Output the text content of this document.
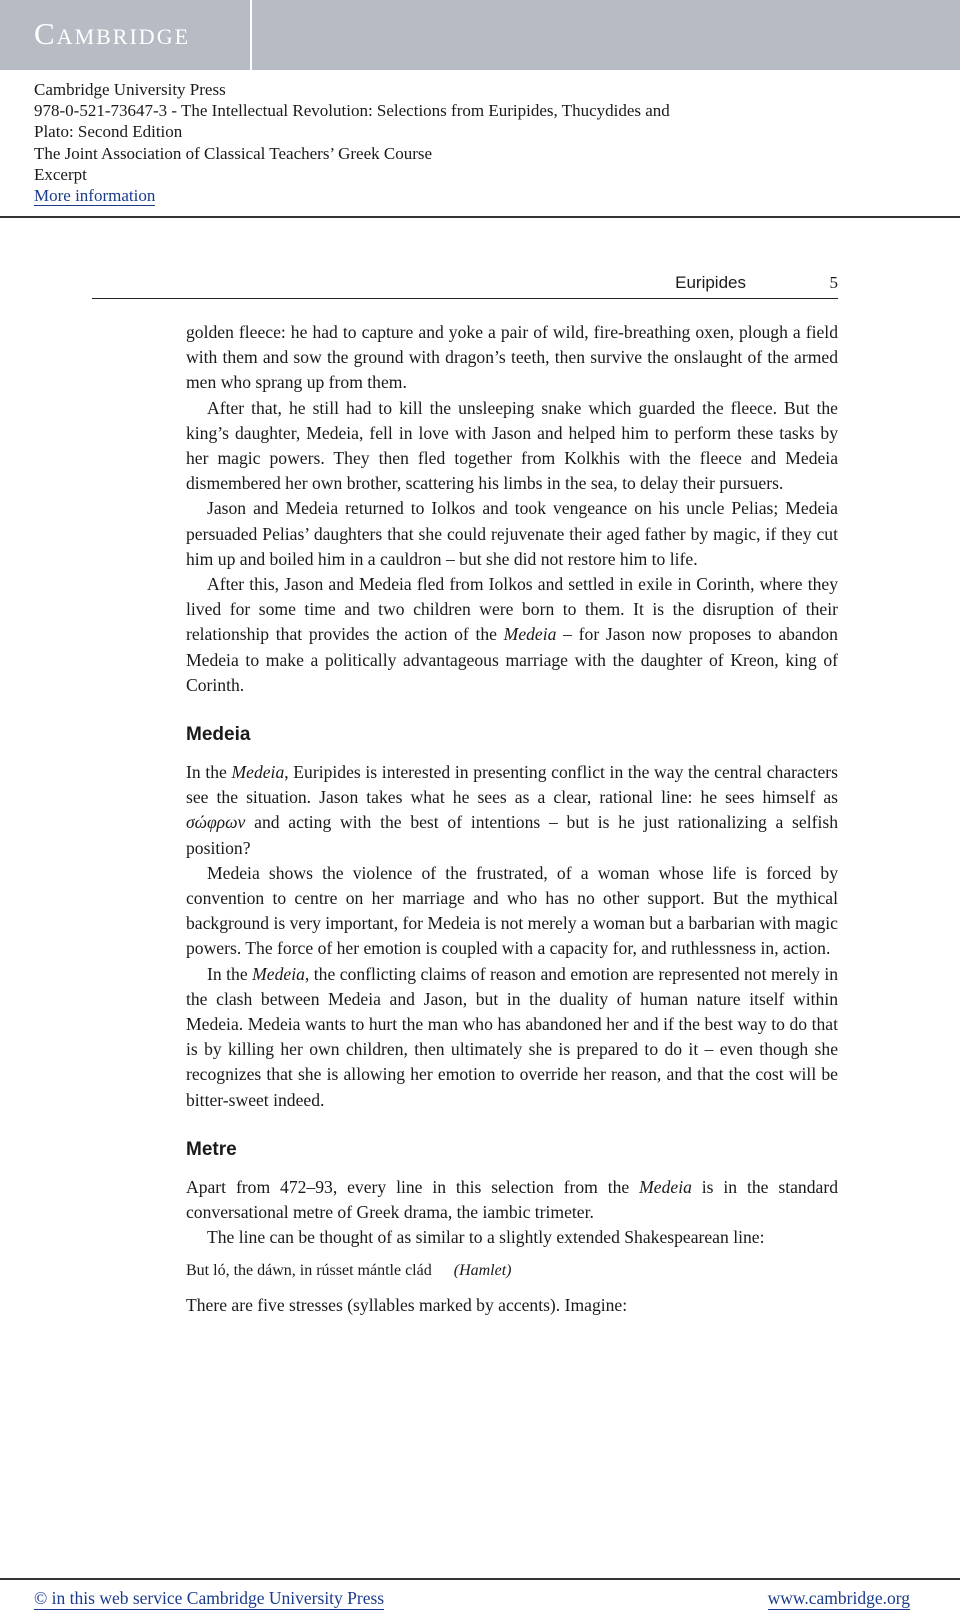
Cambridge
Cambridge University Press
978-0-521-73647-3 - The Intellectual Revolution: Selections from Euripides, Thucydides and
Plato: Second Edition
The Joint Association of Classical Teachers’ Greek Course
Excerpt
More information
Euripides	5

golden fleece: he had to capture and yoke a pair of wild, fire-breathing oxen, plough a field with them and sow the ground with dragon’s teeth, then survive the onslaught of the armed men who sprang up from them.

After that, he still had to kill the unsleeping snake which guarded the fleece. But the king’s daughter, Medeia, fell in love with Jason and helped him to perform these tasks by her magic powers. They then fled together from Kolkhis with the fleece and Medeia dismembered her own brother, scattering his limbs in the sea, to delay their pursuers.

Jason and Medeia returned to Iolkos and took vengeance on his uncle Pelias; Medeia persuaded Pelias’ daughters that she could rejuvenate their aged father by magic, if they cut him up and boiled him in a cauldron – but she did not restore him to life.

After this, Jason and Medeia fled from Iolkos and settled in exile in Corinth, where they lived for some time and two children were born to them. It is the disruption of their relationship that provides the action of the Medeia – for Jason now proposes to abandon Medeia to make a politically advantageous marriage with the daughter of Kreon, king of Corinth.

Medeia

In the Medeia, Euripides is interested in presenting conflict in the way the central characters see the situation. Jason takes what he sees as a clear, rational line: he sees himself as σώφρων and acting with the best of intentions – but is he just rationalizing a selfish position?

Medeia shows the violence of the frustrated, of a woman whose life is forced by convention to centre on her marriage and who has no other support. But the mythical background is very important, for Medeia is not merely a woman but a barbarian with magic powers. The force of her emotion is coupled with a capacity for, and ruthlessness in, action.

In the Medeia, the conflicting claims of reason and emotion are represented not merely in the clash between Medeia and Jason, but in the duality of human nature itself within Medeia. Medeia wants to hurt the man who has abandoned her and if the best way to do that is by killing her own children, then ultimately she is prepared to do it – even though she recognizes that she is allowing her emotion to override her reason, and that the cost will be bitter-sweet indeed.

Metre

Apart from 472–93, every line in this selection from the Medeia is in the standard conversational metre of Greek drama, the iambic trimeter.

The line can be thought of as similar to a slightly extended Shakespearean line:

But ló, the dáwn, in rússet mántle clád (Hamlet)

There are five stresses (syllables marked by accents). Imagine:

© in this web service Cambridge University Press	www.cambridge.org
